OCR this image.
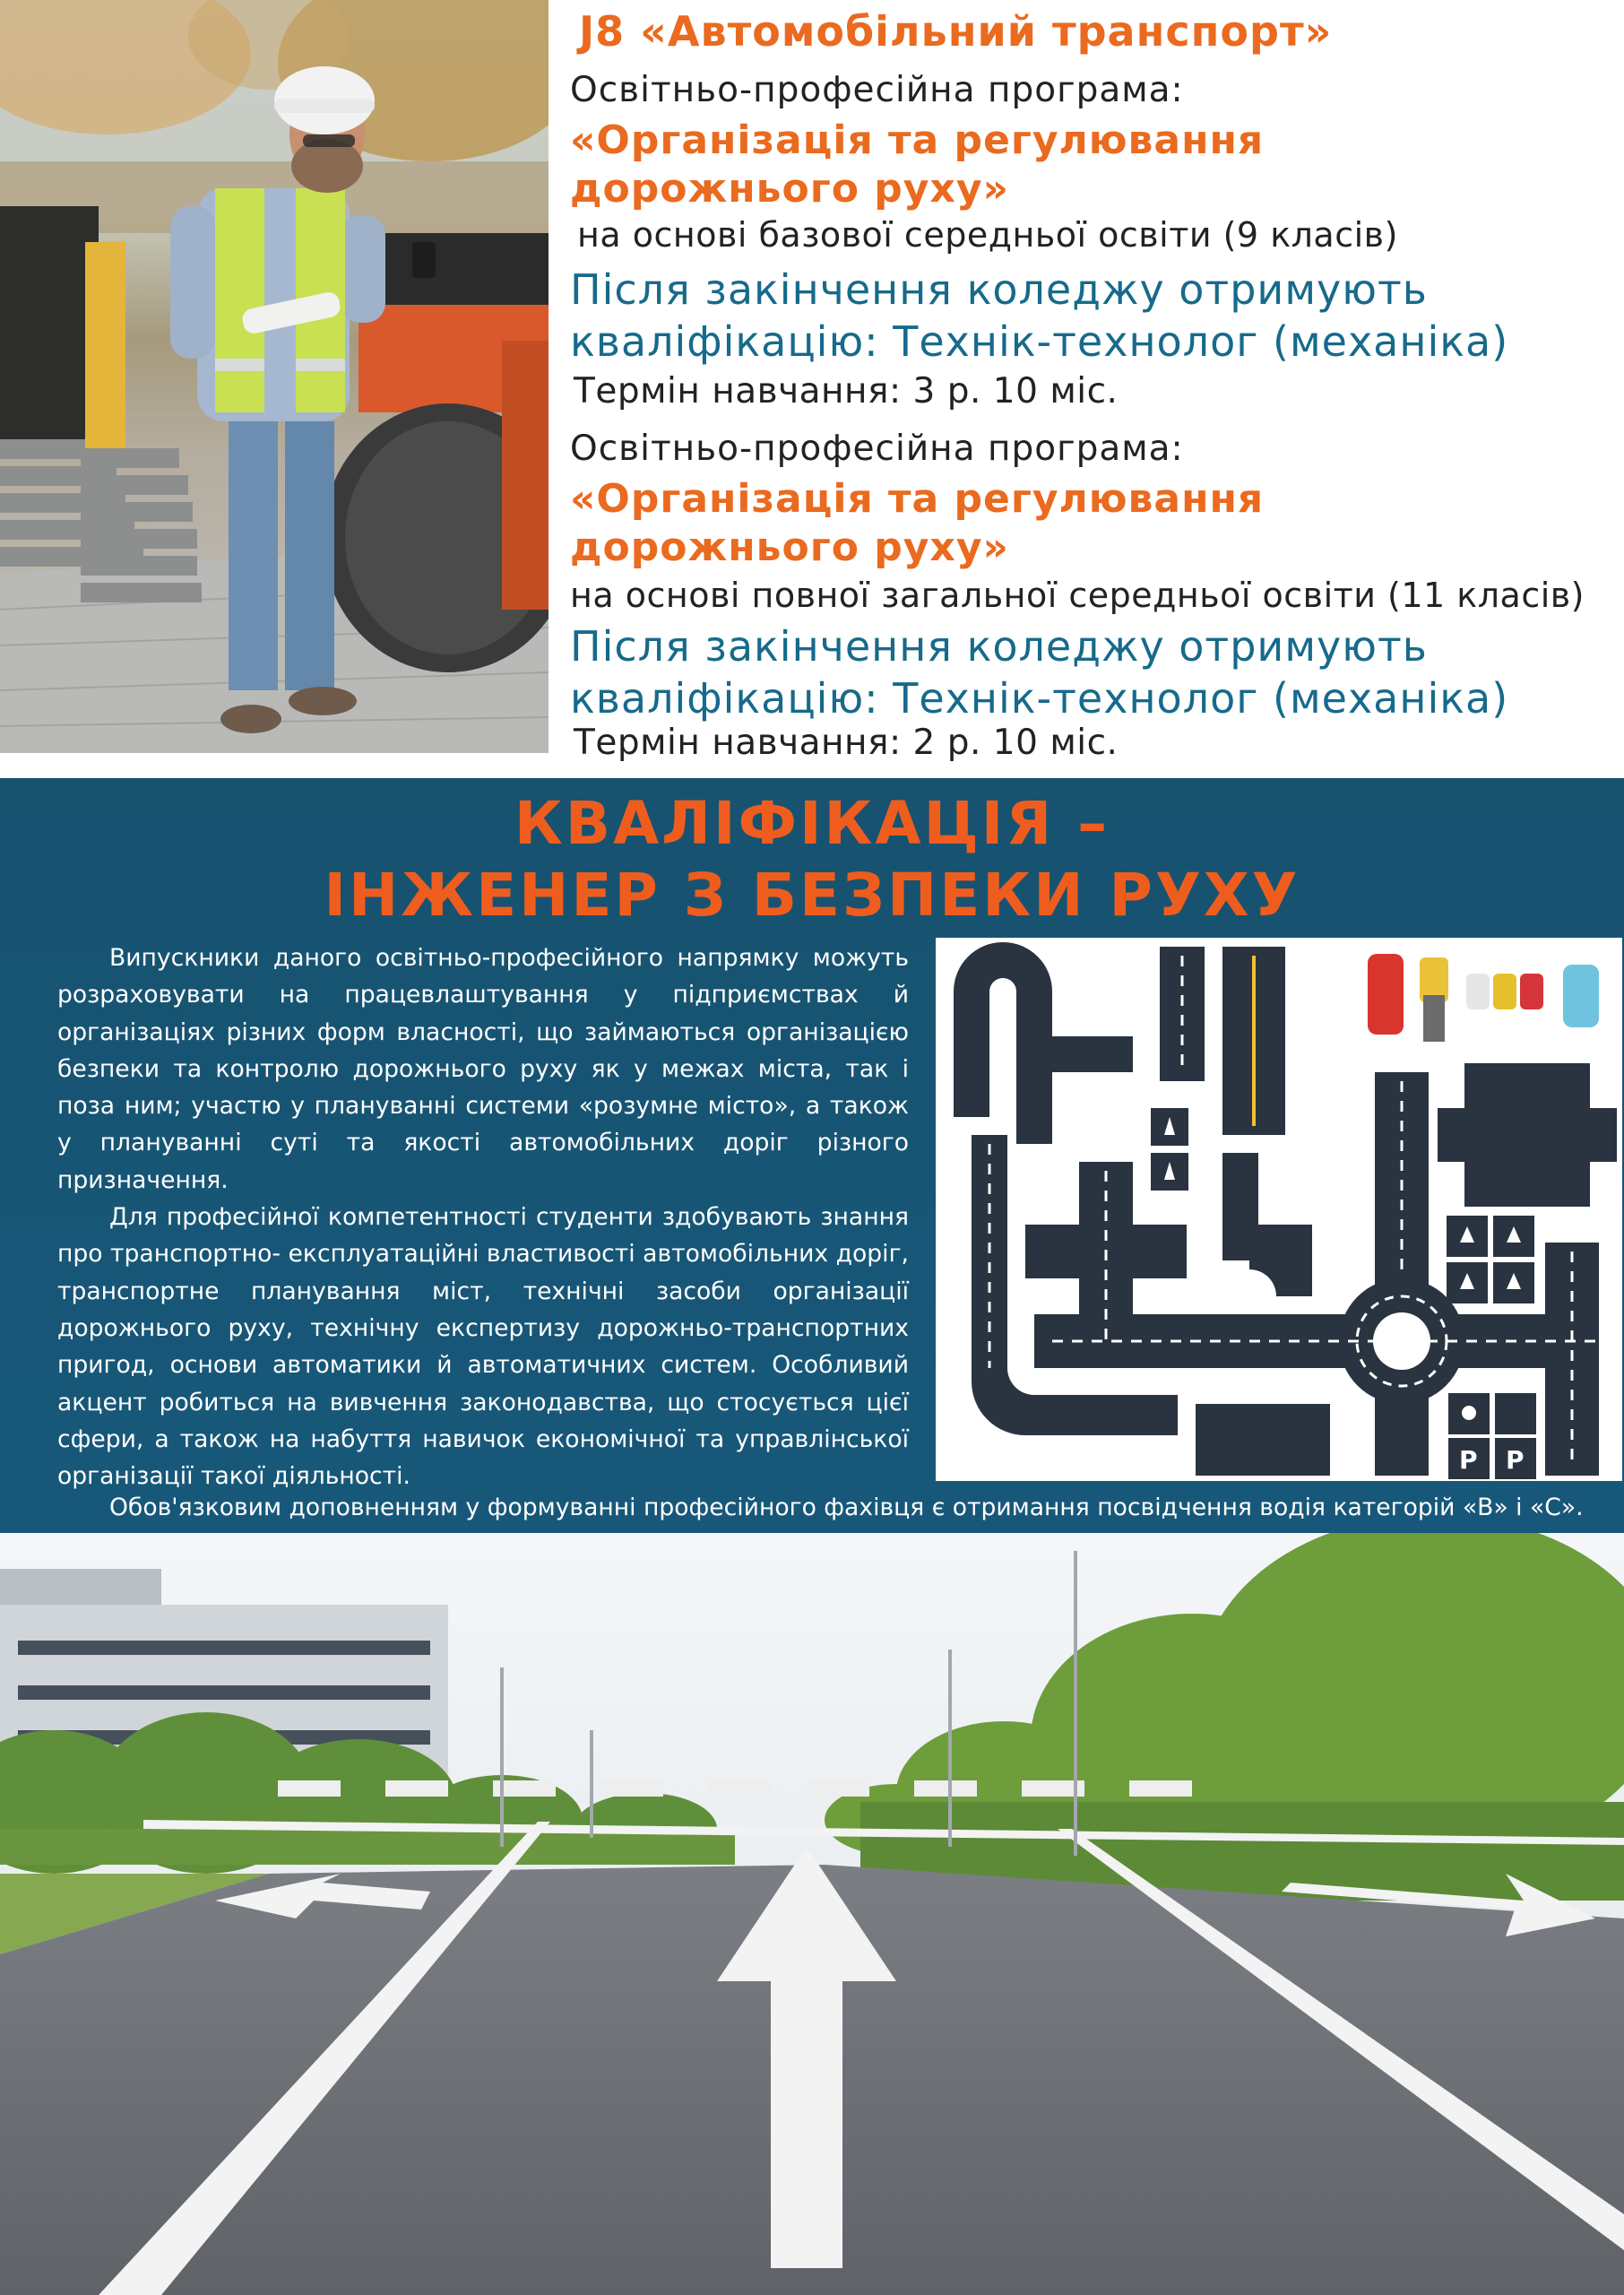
J8 «Автомобільний транспорт»
Освітньо-професійна програма:
«Організація та регулювання
дорожнього руху»
на основі базової середньої освіти (9 класів)
Після закінчення коледжу отримують
кваліфікацію: Технік-технолог (механіка)
Термін навчання: 3 р. 10 міс.
Освітньо-професійна програма:
«Організація та регулювання
дорожнього руху»
на основі повної загальної середньої освіти (11 класів)
Після закінчення коледжу отримують
кваліфікацію: Технік-технолог (механіка)
Термін навчання: 2 р. 10 міс.
КВАЛІФІКАЦІЯ –
ІНЖЕНЕР З БЕЗПЕКИ РУХУ

Випускники даного освітньо-професійного напрямку можуть розраховувати на працевлаштування у підприємствах й організаціях різних форм власності, що займаються організацією безпеки та контролю дорожнього руху як у межах міста, так і поза ним; участю у плануванні системи «розумне місто», а також у плануванні суті та якості автомобільних доріг різного призначення.

Для професійної компетентності студенти здобувають знання про транспортно- експлуатаційні властивості автомобільних доріг, транспортне планування міст, технічні засоби організації дорожнього руху, технічну експертизу дорожньо-транспортних пригод, основи автоматики й автоматичних систем. Особливий акцент робиться на вивчення законодавства, що стосується цієї сфери, а також на набуття навичок економічної та управлінської організації такої діяльності.

P
P
Обов'язковим доповненням у формуванні професійного фахівця є отримання посвідчення водія категорій «В» і «С».
